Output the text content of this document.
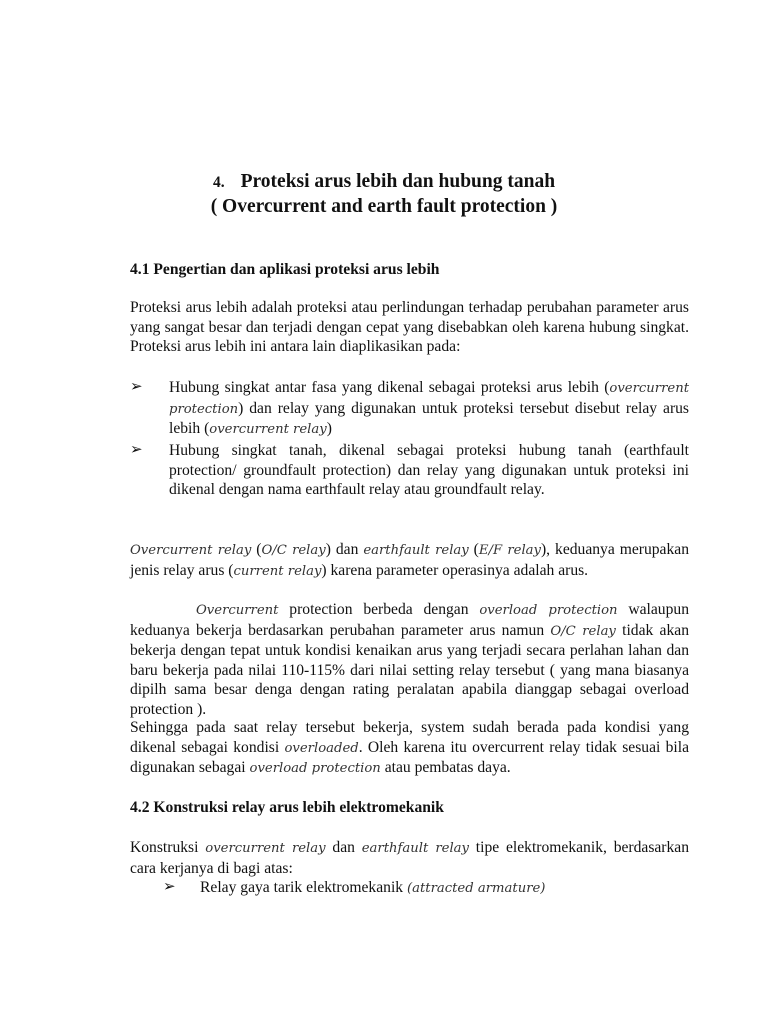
4. Proteksi arus lebih dan hubung tanah
( Overcurrent and earth fault protection )
4.1 Pengertian dan aplikasi proteksi arus lebih
Proteksi arus lebih adalah proteksi atau perlindungan terhadap perubahan parameter arus yang sangat besar dan terjadi dengan cepat yang disebabkan oleh karena hubung singkat. Proteksi arus lebih ini antara lain diaplikasikan pada:
➢ Hubung singkat antar fasa yang dikenal sebagai proteksi arus lebih (overcurrent protection) dan relay yang digunakan untuk proteksi tersebut disebut relay arus lebih (overcurrent relay)
➢ Hubung singkat tanah, dikenal sebagai proteksi hubung tanah (earthfault protection/ groundfault protection) dan relay yang digunakan untuk proteksi ini dikenal dengan nama earthfault relay atau groundfault relay.
Overcurrent relay (O/C relay) dan earthfault relay (E/F relay), keduanya merupakan jenis relay arus (current relay) karena parameter operasinya adalah arus.
Overcurrent protection berbeda dengan overload protection walaupun keduanya bekerja berdasarkan perubahan parameter arus namun O/C relay tidak akan bekerja dengan tepat untuk kondisi kenaikan arus yang terjadi secara perlahan lahan dan baru bekerja pada nilai 110-115% dari nilai setting relay tersebut ( yang mana biasanya dipilh sama besar denga dengan rating peralatan apabila dianggap sebagai overload protection ).
Sehingga pada saat relay tersebut bekerja, system sudah berada pada kondisi yang dikenal sebagai kondisi overloaded. Oleh karena itu overcurrent relay tidak sesuai bila digunakan sebagai overload protection atau pembatas daya.
4.2 Konstruksi relay arus lebih elektromekanik
Konstruksi overcurrent relay dan earthfault relay tipe elektromekanik, berdasarkan cara kerjanya di bagi atas:
➢ Relay gaya tarik elektromekanik (attracted armature)
